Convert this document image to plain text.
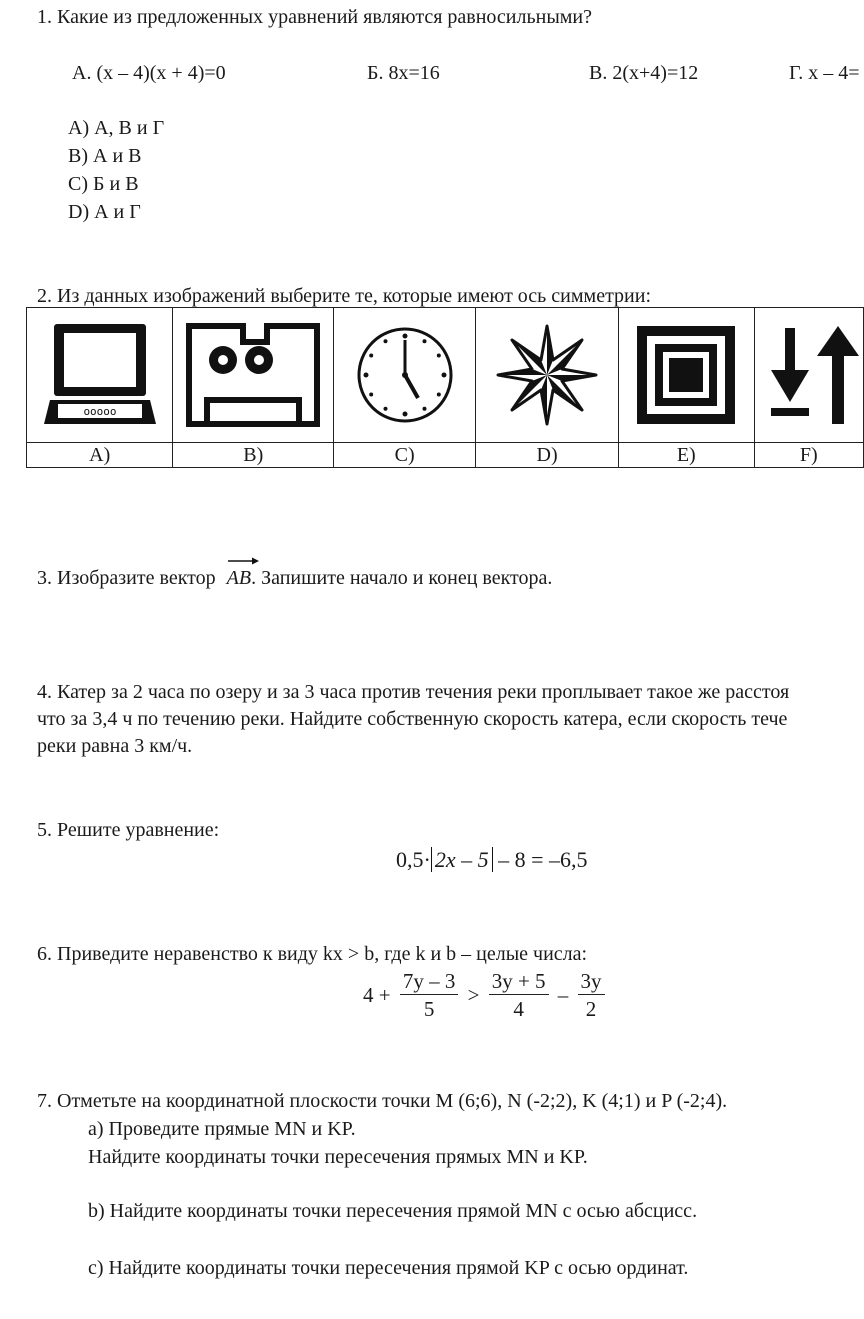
1. Какие из предложенных уравнений являются равносильными?
А. (x – 4)(x + 4)=0	Б. 8x=16	В. 2(x+4)=12	Г. x – 4=
A) А, В и Г
B) А и В
C) Б и В
D) А и Г
2. Из данных изображений выберите те, которые имеют ось симметрии:
ooooo

A)	B)	C)	D)	E)	F)
3. Изобразите вектор AB. Запишите начало и конец вектора.
4. Катер за 2 часа по озеру и за 3 часа против течения реки проплывает такое же расстоя
что за 3,4 ч по течению реки. Найдите собственную скорость катера, если скорость тече
реки равна 3 км/ч.
5. Решите уравнение:
0,5· 2x – 5 – 8 = –6,5
6. Приведите неравенство к виду kx > b, где k и b – целые числа:
$4 + \frac{7y - 3}{5} > \frac{3y + 5}{4} - \frac{3y}{2}$
7. Отметьте на координатной плоскости точки M (6;6), N (-2;2), K (4;1) и P (-2;4).
а) Проведите прямые MN и KP.
Найдите координаты точки пересечения прямых MN и KP.
b) Найдите координаты точки пересечения прямой MN с осью абсцисс.
c) Найдите координаты точки пересечения прямой KP с осью ординат.
